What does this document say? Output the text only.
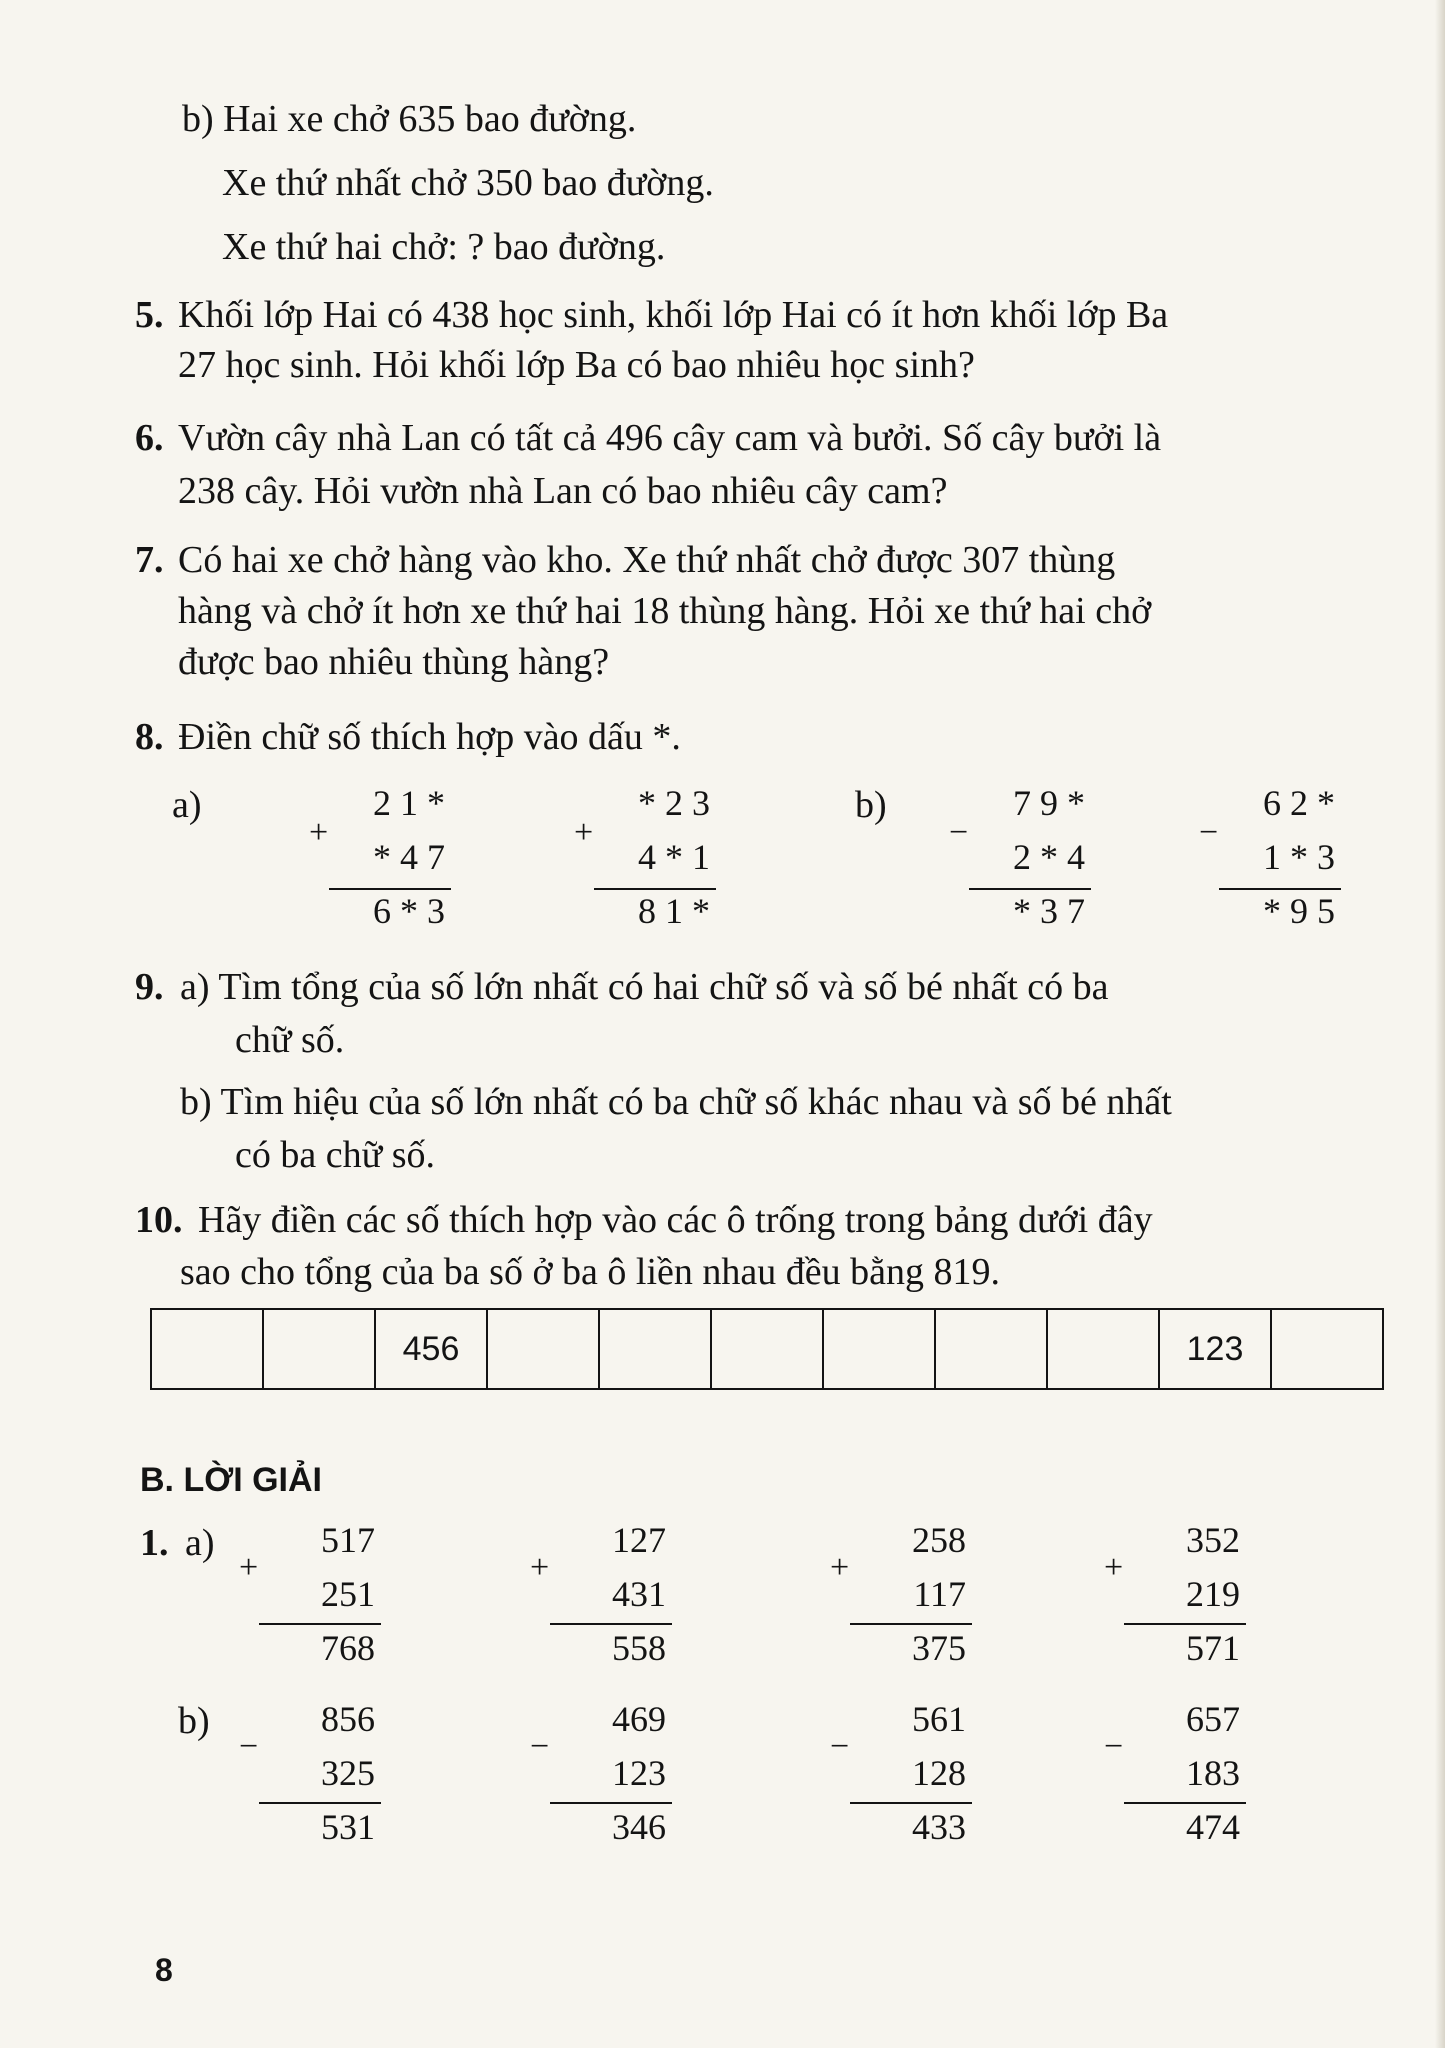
b) Hai xe chở 635 bao đường.
Xe thứ nhất chở 350 bao đường.
Xe thứ hai chở: ? bao đường.
5. Khối lớp Hai có 438 học sinh, khối lớp Hai có ít hơn khối lớp Ba
27 học sinh. Hỏi khối lớp Ba có bao nhiêu học sinh?
6. Vườn cây nhà Lan có tất cả 496 cây cam và bưởi. Số cây bưởi là
238 cây. Hỏi vườn nhà Lan có bao nhiêu cây cam?
7. Có hai xe chở hàng vào kho. Xe thứ nhất chở được 307 thùng
hàng và chở ít hơn xe thứ hai 18 thùng hàng. Hỏi xe thứ hai chở
được bao nhiêu thùng hàng?
8. Điền chữ số thích hợp vào dấu *.
a)	b)
2 1 *
* 4 7
6 * 3
+
* 2 3
4 * 1
8 1 *
+
7 9 *
2 * 4
* 3 7
−
6 2 *
1 * 3
* 9 5
−
9. a) Tìm tổng của số lớn nhất có hai chữ số và số bé nhất có ba
chữ số.
b) Tìm hiệu của số lớn nhất có ba chữ số khác nhau và số bé nhất
có ba chữ số.
10. Hãy điền các số thích hợp vào các ô trống trong bảng dưới đây
sao cho tổng của ba số ở ba ô liền nhau đều bằng 819.
		456							123	
B. LỜI GIẢI
1. a)
b)
517
251
768
+
127
431
558
+
258
117
375
+
352
219
571
+
856
325
531
−
469
123
346
−
561
128
433
−
657
183
474
−
8
